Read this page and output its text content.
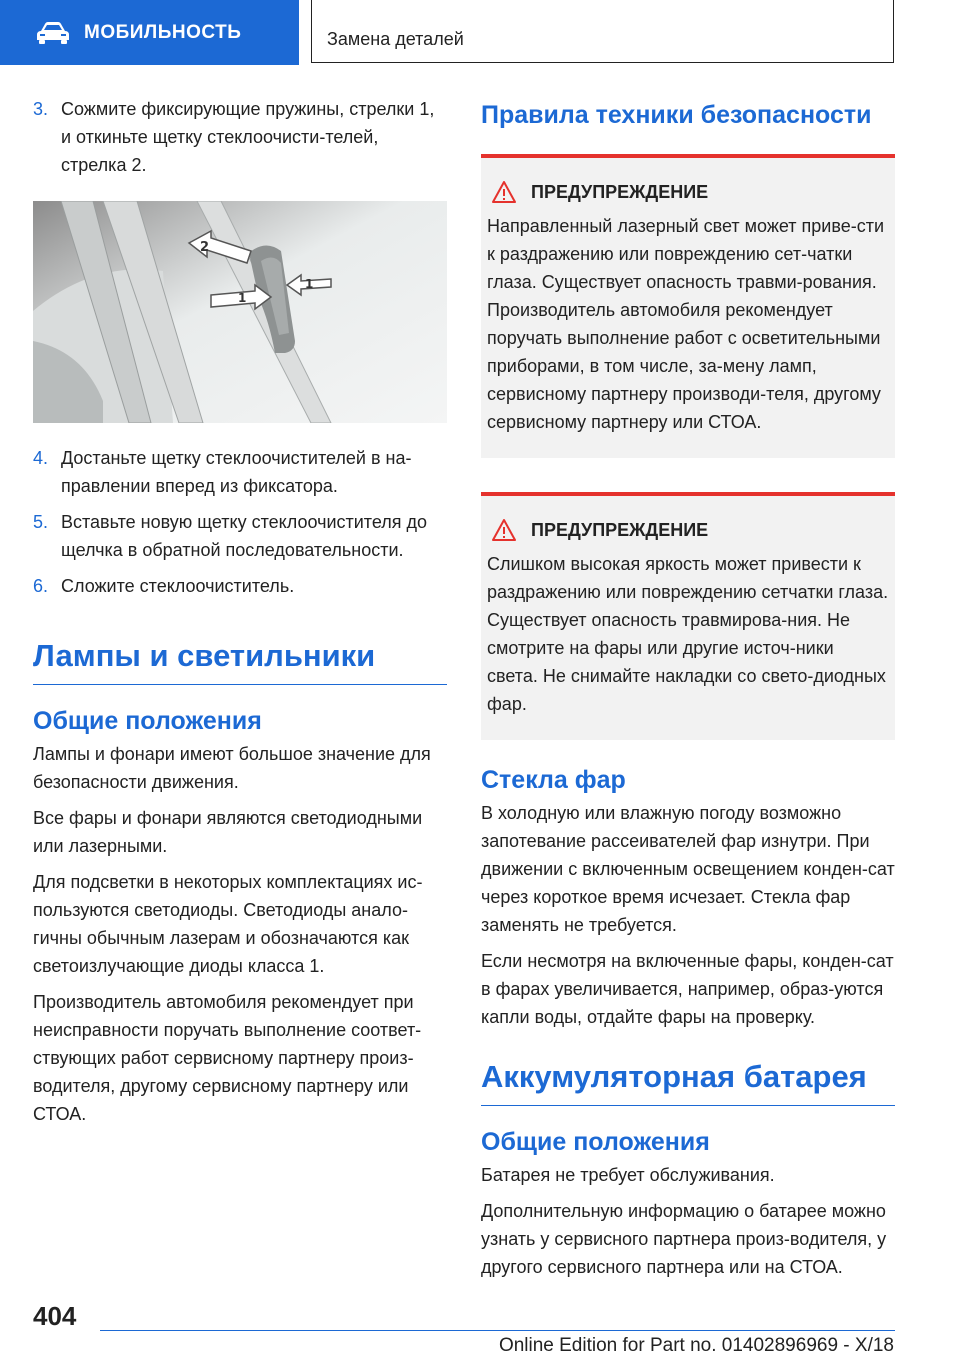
МОБИЛЬНОСТЬ	Замена деталей
3. Сожмите фиксирующие пружины, стрелки 1, и откиньте щетку стеклоочисти-телей, стрелка 2.
2
1
1
4. Достаньте щетку стеклоочистителей в на-правлении вперед из фиксатора.
5. Вставьте новую щетку стеклоочистителя до щелчка в обратной последовательности.
6. Сложите стеклоочиститель.
Лампы и светильники
Общие положения

Лампы и фонари имеют большое значение для безопасности движения.

Все фары и фонари являются светодиодными или лазерными.

Для подсветки в некоторых комплектациях ис-пользуются светодиоды. Светодиоды анало-гичны обычным лазерам и обозначаются как светоизлучающие диоды класса 1.

Производитель автомобиля рекомендует при неисправности поручать выполнение соответ-ствующих работ сервисному партнеру произ-водителя, другому сервисному партнеру или СТОА.

Правила техники безопасности
ПРЕДУПРЕЖДЕНИЕ

Направленный лазерный свет может приве-сти к раздражению или повреждению сет-чатки глаза. Существует опасность травми-рования. Производитель автомобиля рекомендует поручать выполнение работ с осветительными приборами, в том числе, за-мену ламп, сервисному партнеру производи-теля, другому сервисному партнеру или СТОА.

ПРЕДУПРЕЖДЕНИЕ

Слишком высокая яркость может привести к раздражению или повреждению сетчатки глаза. Существует опасность травмирова-ния. Не смотрите на фары или другие источ-ники света. Не снимайте накладки со свето-диодных фар.

Стекла фар

В холодную или влажную погоду возможно запотевание рассеивателей фар изнутри. При движении с включенным освещением конден-сат через короткое время исчезает. Стекла фар заменять не требуется.

Если несмотря на включенные фары, конден-сат в фарах увеличивается, например, образ-уются капли воды, отдайте фары на проверку.

Аккумуляторная батарея
Общие положения

Батарея не требует обслуживания.

Дополнительную информацию о батарее можно узнать у сервисного партнера произ-водителя, у другого сервисного партнера или на СТОА.

404
Online Edition for Part no. 01402896969 - X/18
